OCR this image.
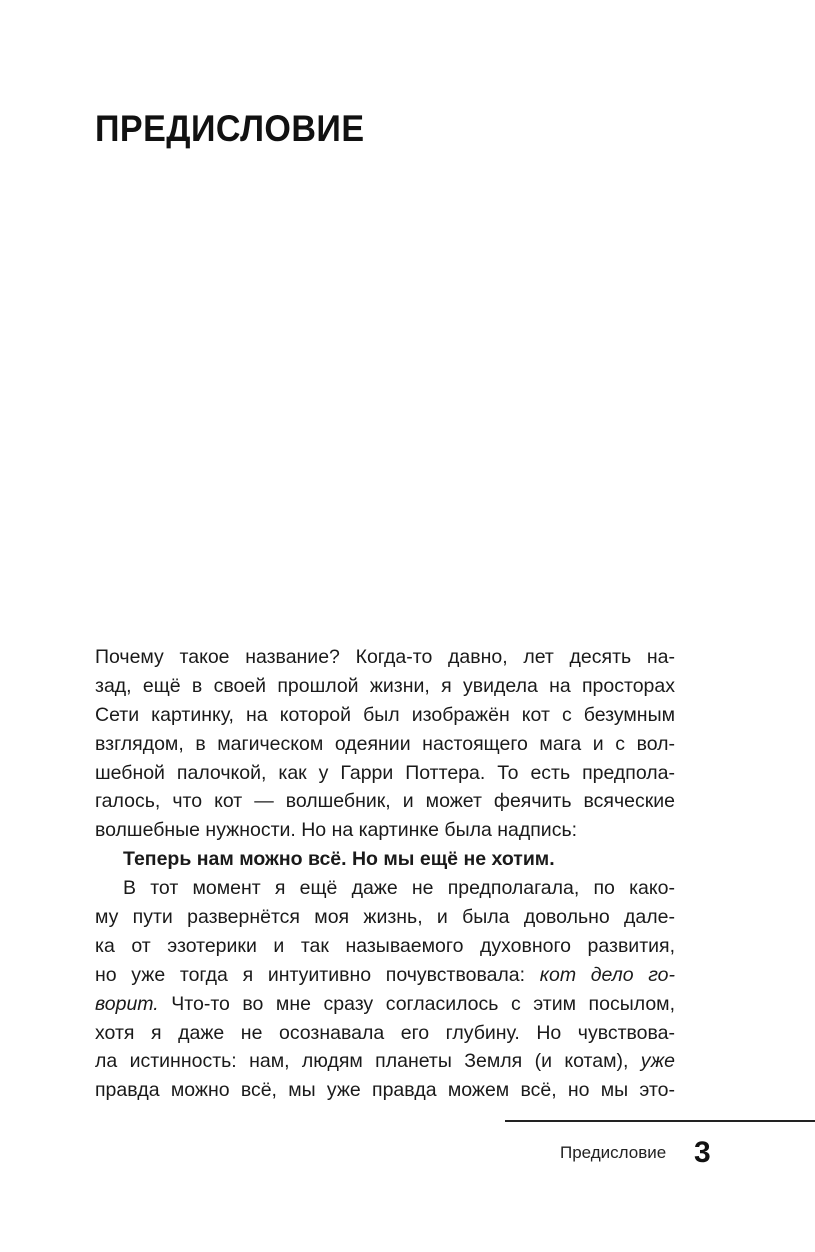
ПРЕДИСЛОВИЕ
Почему такое название? Когда-то давно, лет десять на-
зад, ещё в своей прошлой жизни, я увидела на просторах
Сети картинку, на которой был изображён кот с безумным
взглядом, в магическом одеянии настоящего мага и с вол-
шебной палочкой, как у Гарри Поттера. То есть предпола-
галось, что кот — волшебник, и может феячить всяческие
волшебные нужности. Но на картинке была надпись:
Теперь нам можно всё. Но мы ещё не хотим.
В тот момент я ещё даже не предполагала, по како-
му пути развернётся моя жизнь, и была довольно дале-
ка от эзотерики и так называемого духовного развития,
но уже тогда я интуитивно почувствовала: кот дело го-
ворит. Что-то во мне сразу согласилось с этим посылом,
хотя я даже не осознавала его глубину. Но чувствова-
ла истинность: нам, людям планеты Земля (и котам), уже
правда можно всё, мы уже правда можем всё, но мы это-
Предисловие 3
